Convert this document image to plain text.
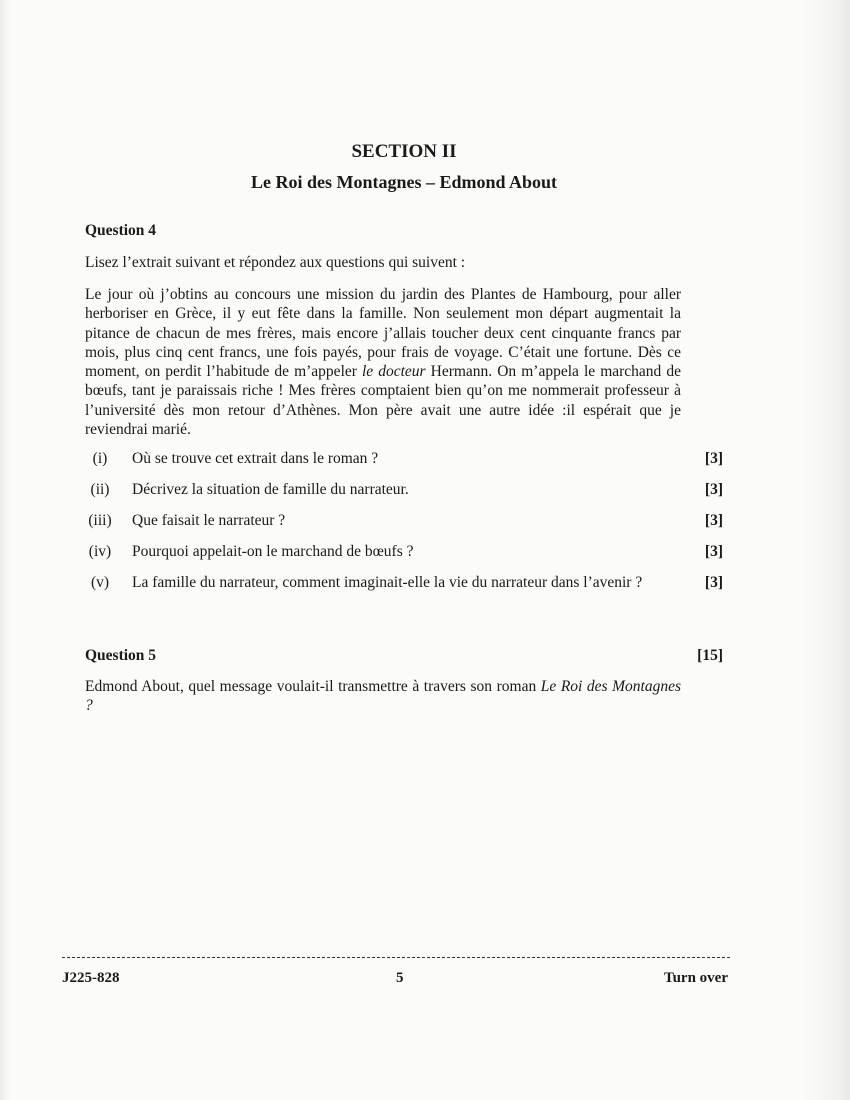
SECTION II
Le Roi des Montagnes – Edmond About
Question 4
Lisez l’extrait suivant et répondez aux questions qui suivent :

Le jour où j’obtins au concours une mission du jardin des Plantes de Hambourg, pour aller herboriser en Grèce, il y eut fête dans la famille. Non seulement mon départ augmentait la pitance de chacun de mes frères, mais encore j’allais toucher deux cent cinquante francs par mois, plus cinq cent francs, une fois payés, pour frais de voyage. C’était une fortune. Dès ce moment, on perdit l’habitude de m’appeler le docteur Hermann. On m’appela le marchand de bœufs, tant je paraissais riche ! Mes frères comptaient bien qu’on me nommerait professeur à l’université dès mon retour d’Athènes. Mon père avait une autre idée :il espérait que je reviendrai marié.

(i)	Où se trouve cet extrait dans le roman ?	[3]
(ii)	Décrivez la situation de famille du narrateur.	[3]
(iii) Que faisait le narrateur ?	[3]
(iv) Pourquoi appelait-on le marchand de bœufs ?	[3]
(v)	La famille du narrateur, comment imaginait-elle la vie du narrateur dans l’avenir ?	[3]
Question 5	[15]

Edmond About, quel message voulait-il transmettre à travers son roman Le Roi des Montagnes ?

J225-828	5	Turn over
